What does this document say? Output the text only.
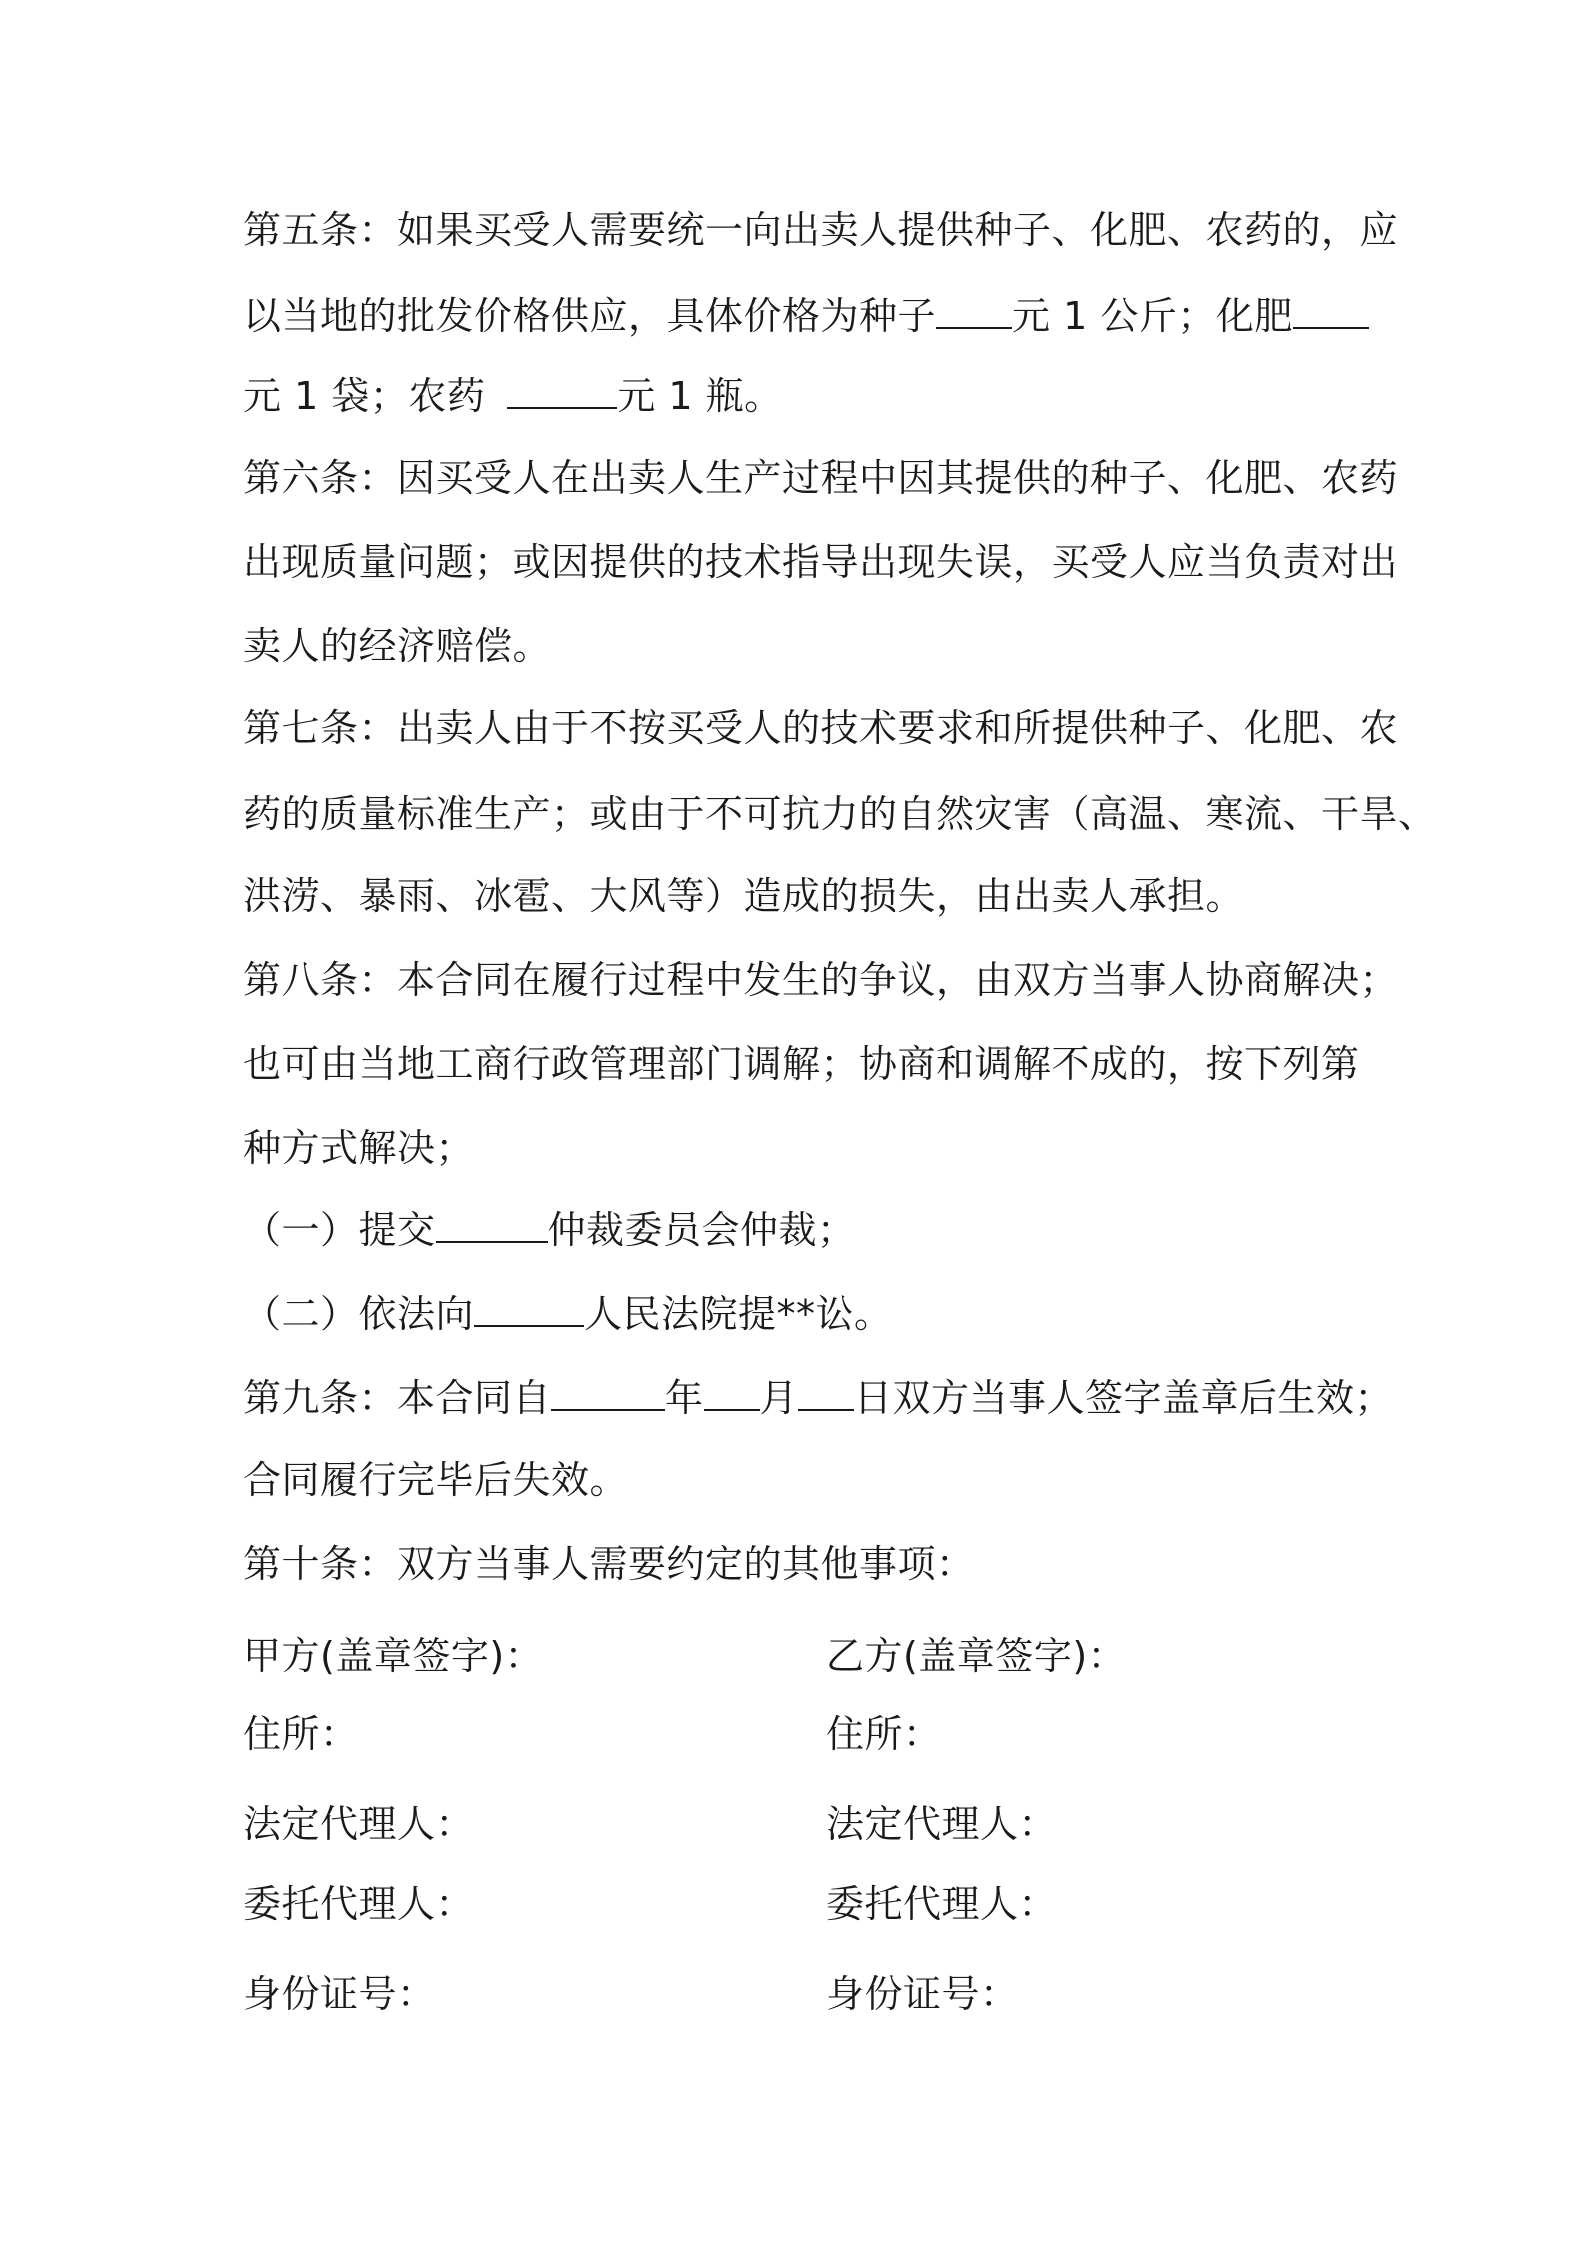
第五条：如果买受人需要统一向出卖人提供种子、化肥、农药的，应
以当地的批发价格供应，具体价格为种子 元 1 公斤；化肥
元 1 袋；农药	元 1 瓶。
第六条：因买受人在出卖人生产过程中因其提供的种子、化肥、农药
出现质量问题；或因提供的技术指导出现失误，买受人应当负责对出
卖人的经济赔偿。
第七条：出卖人由于不按买受人的技术要求和所提供种子、化肥、农
药的质量标准生产；或由于不可抗力的自然灾害（高温、寒流、干旱、
洪涝、暴雨、冰雹、大风等）造成的损失，由出卖人承担。
第八条：本合同在履行过程中发生的争议，由双方当事人协商解决；
也可由当地工商行政管理部门调解；协商和调解不成的，按下列第
种方式解决；
（一）提交	仲裁委员会仲裁；
（二）依法向	人民法院提**讼。
第九条：本合同自	年 月 日双方当事人签字盖章后生效；
合同履行完毕后失效。
第十条：双方当事人需要约定的其他事项：
甲方(盖章签字)：	乙方(盖章签字)：
住所：	住所：
法定代理人：	法定代理人：
委托代理人：	委托代理人：
身份证号：	身份证号：
